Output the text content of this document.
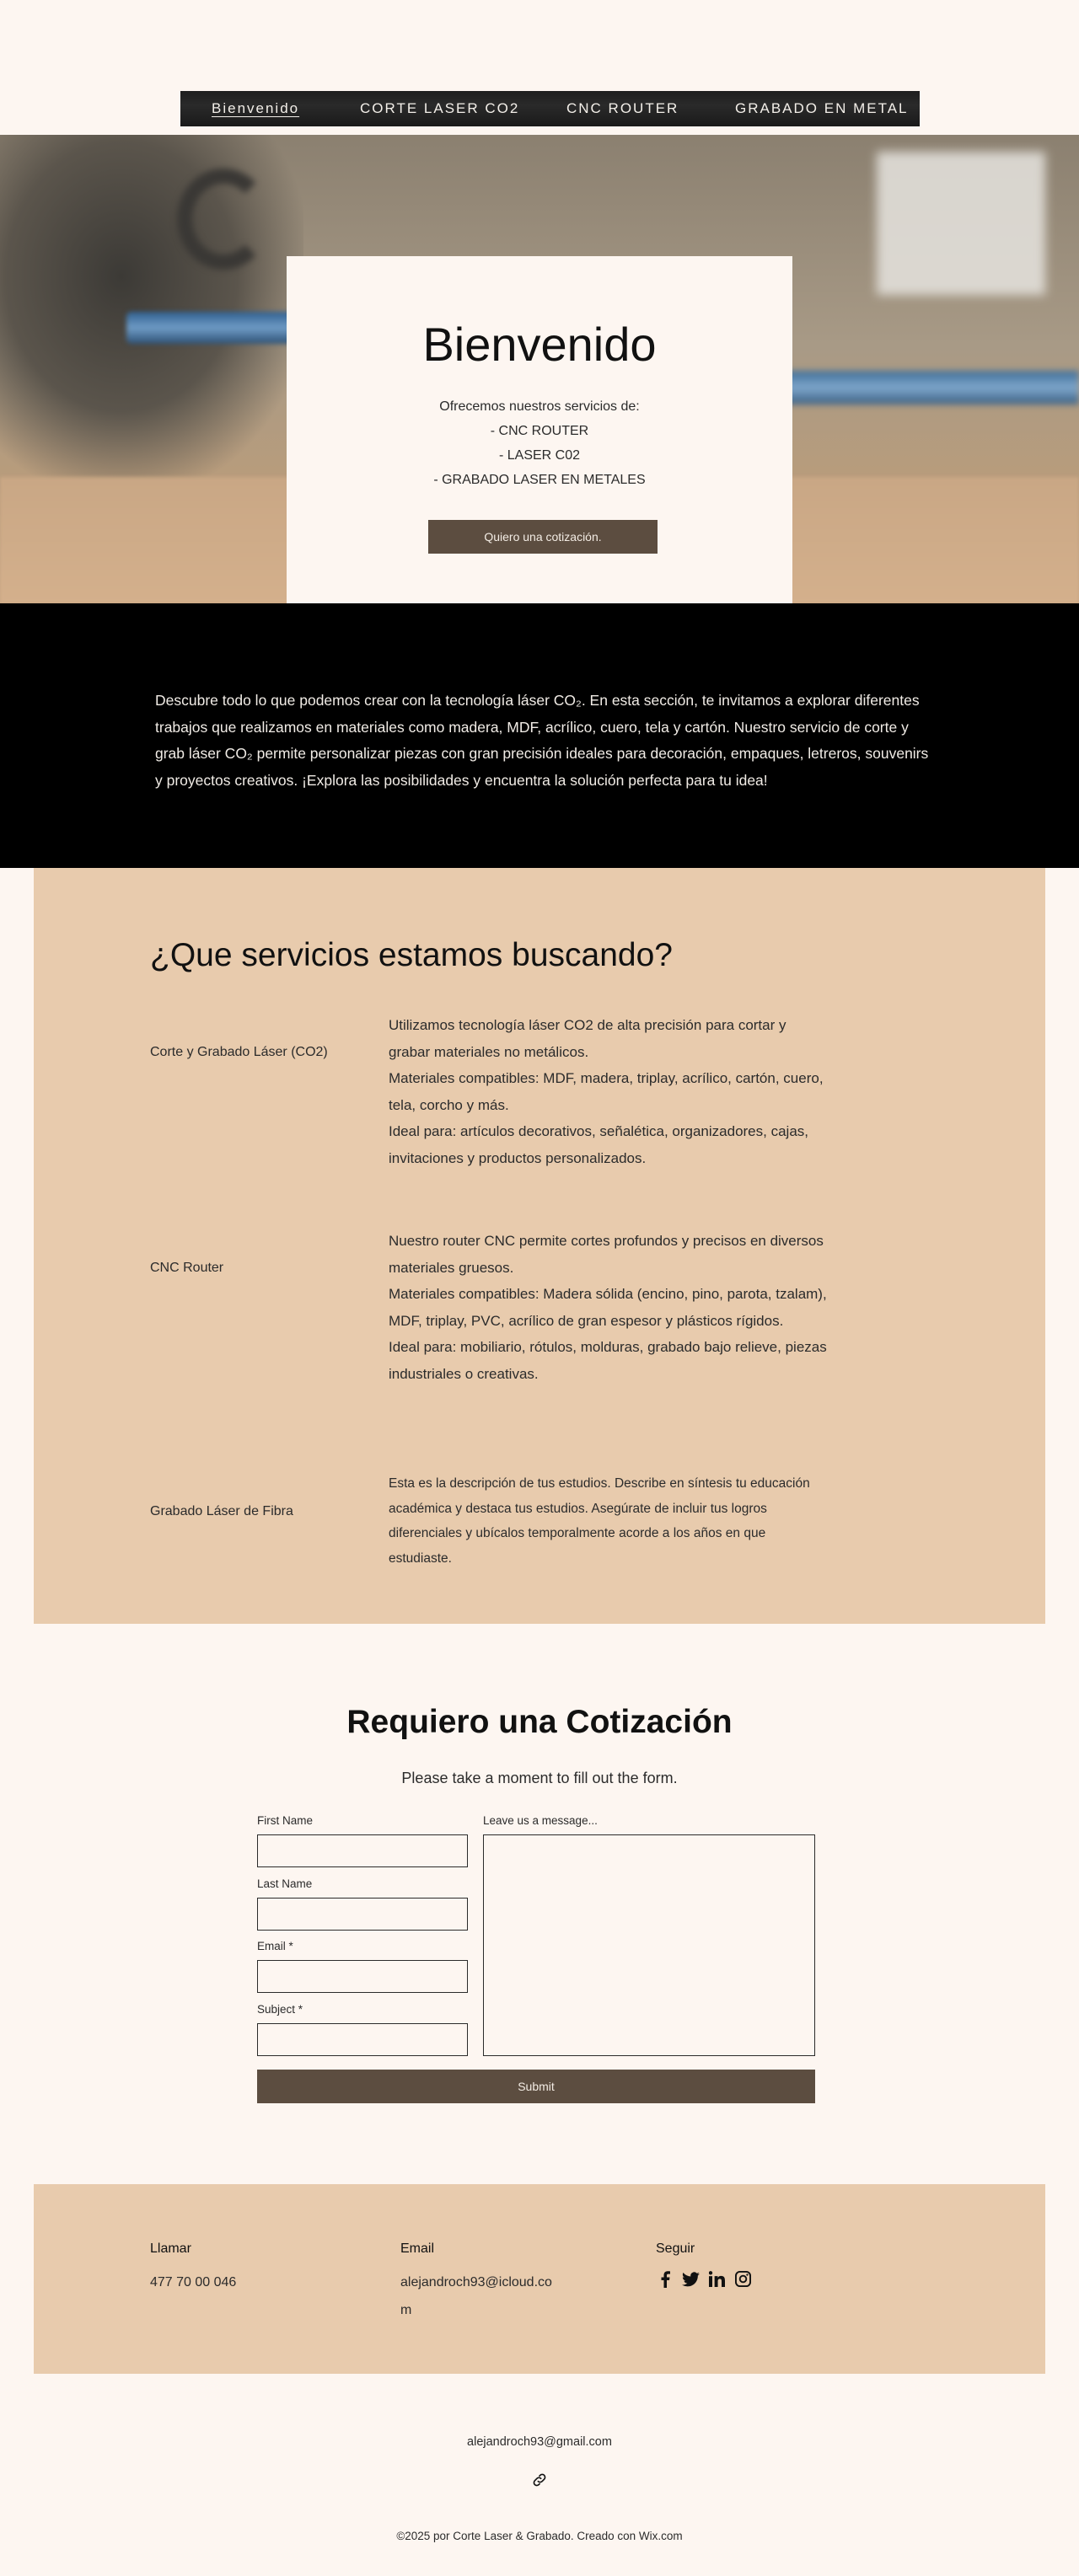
Bienvenido	CORTE LASER CO2	CNC ROUTER	GRABADO EN METAL
Bienvenido
Ofrecemos nuestros servicios de:
- CNC ROUTER
- LASER C02
- GRABADO LASER EN METALES
Quiero una cotización.

Descubre todo lo que podemos crear con la tecnología láser CO₂. En esta sección, te invitamos a explorar diferentes trabajos que realizamos en materiales como madera, MDF, acrílico, cuero, tela y cartón. Nuestro servicio de corte y grab láser CO₂ permite personalizar piezas con gran precisión ideales para decoración, empaques, letreros, souvenirs y proyectos creativos. ¡Explora las posibilidades y encuentra la solución perfecta para tu idea!

¿Que servicios estamos buscando?
Corte y Grabado Láser (CO2)
Utilizamos tecnología láser CO2 de alta precisión para cortar y grabar materiales no metálicos.
Materiales compatibles: MDF, madera, triplay, acrílico, cartón, cuero, tela, corcho y más.
Ideal para: artículos decorativos, señalética, organizadores, cajas, invitaciones y productos personalizados.
CNC Router
Nuestro router CNC permite cortes profundos y precisos en diversos materiales gruesos.
Materiales compatibles: Madera sólida (encino, pino, parota, tzalam), MDF, triplay, PVC, acrílico de gran espesor y plásticos rígidos.
Ideal para: mobiliario, rótulos, molduras, grabado bajo relieve, piezas industriales o creativas.
Grabado Láser de Fibra
Esta es la descripción de tus estudios. Describe en síntesis tu educación académica y destaca tus estudios. Asegúrate de incluir tus logros diferenciales y ubícalos temporalmente acorde a los años en que estudiaste.
Requiero una Cotización
Please take a moment to fill out the form.
First Name
Last Name
Email *
Subject *
Leave us a message...
Submit
Llamar
477 70 00 046
Email
alejandroch93@icloud.co
m
Seguir
alejandroch93@gmail.com
©2025 por Corte Laser & Grabado. Creado con Wix.com
